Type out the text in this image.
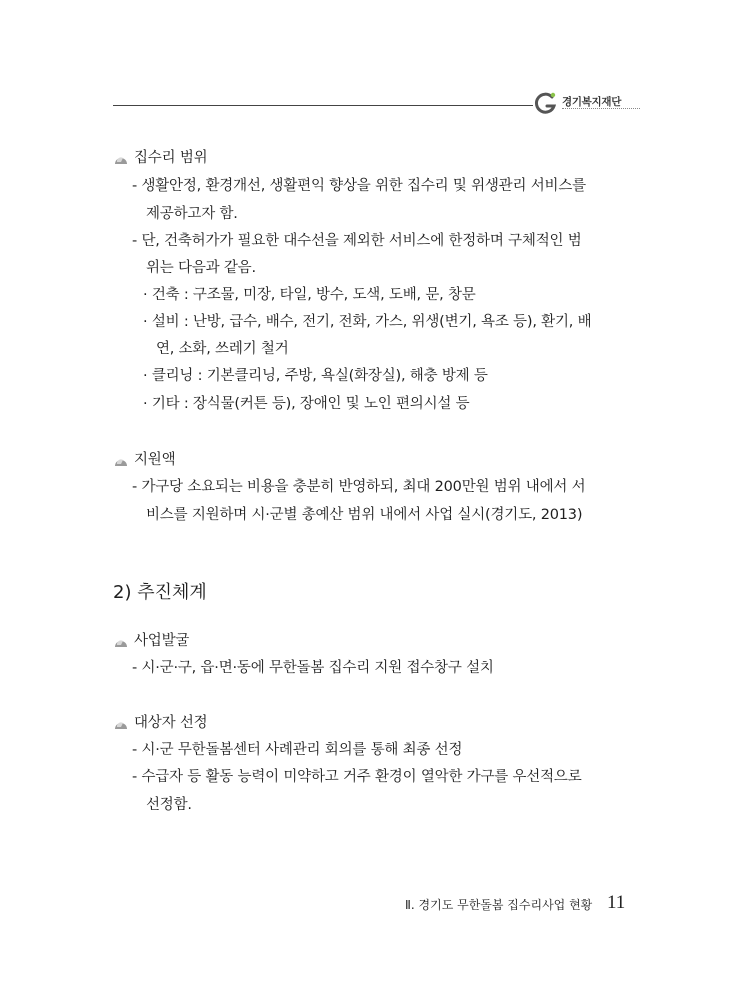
경기복지재단
집수리 범위
- 생활안정, 환경개선, 생활편익 향상을 위한 집수리 및 위생관리 서비스를
제공하고자 함.
- 단, 건축허가가 필요한 대수선을 제외한 서비스에 한정하며 구체적인 범
위는 다음과 같음.
· 건축 : 구조물, 미장, 타일, 방수, 도색, 도배, 문, 창문
· 설비 : 난방, 급수, 배수, 전기, 전화, 가스, 위생(변기, 욕조 등), 환기, 배
연, 소화, 쓰레기 철거
· 클리닝 : 기본클리닝, 주방, 욕실(화장실), 해충 방제 등
· 기타 : 장식물(커튼 등), 장애인 및 노인 편의시설 등
지원액
- 가구당 소요되는 비용을 충분히 반영하되, 최대 200만원 범위 내에서 서
비스를 지원하며 시·군별 총예산 범위 내에서 사업 실시(경기도, 2013)
2) 추진체계
사업발굴
- 시·군·구, 읍·면·동에 무한돌봄 집수리 지원 접수창구 설치
대상자 선정
- 시·군 무한돌봄센터 사례관리 회의를 통해 최종 선정
- 수급자 등 활동 능력이 미약하고 거주 환경이 열악한 가구를 우선적으로
선정함.
Ⅱ. 경기도 무한돌봄 집수리사업 현황 11
